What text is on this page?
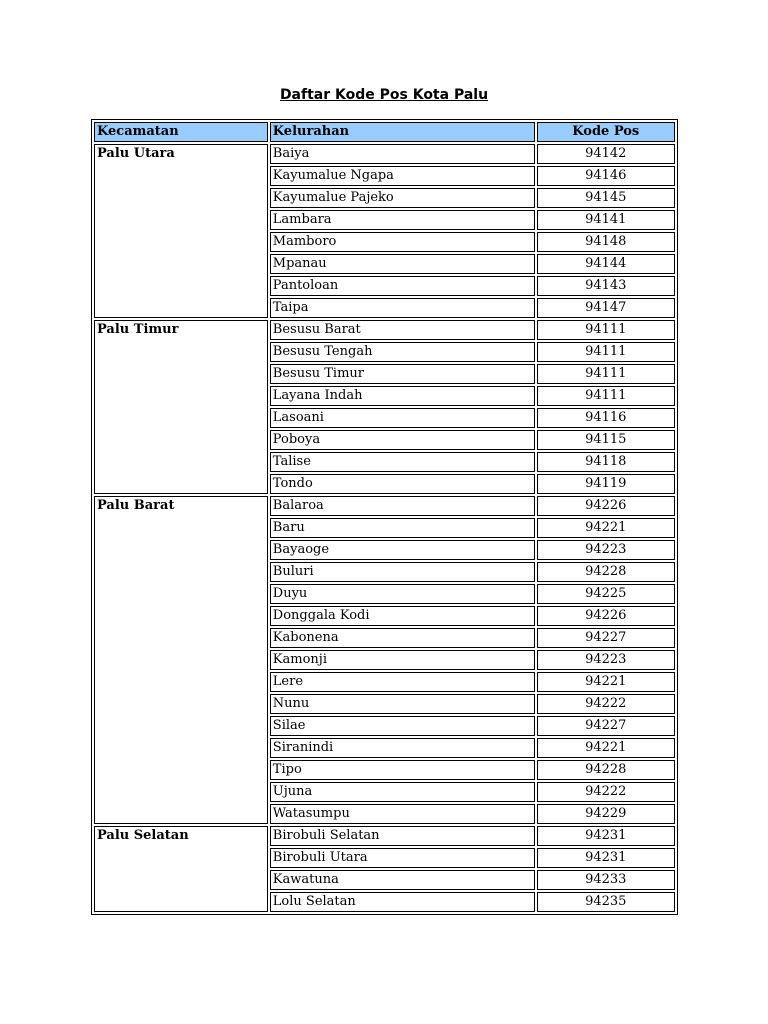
Daftar Kode Pos Kota Palu
Kecamatan	Kelurahan	Kode Pos
Palu Utara	Baiya	94142
	Kayumalue Ngapa	94146
	Kayumalue Pajeko	94145
	Lambara	94141
	Mamboro	94148
	Mpanau	94144
	Pantoloan	94143
	Taipa	94147
Palu Timur	Besusu Barat	94111
	Besusu Tengah	94111
	Besusu Timur	94111
	Layana Indah	94111
	Lasoani	94116
	Poboya	94115
	Talise	94118
	Tondo	94119
Palu Barat	Balaroa	94226
	Baru	94221
	Bayaoge	94223
	Buluri	94228
	Duyu	94225
	Donggala Kodi	94226
	Kabonena	94227
	Kamonji	94223
	Lere	94221
	Nunu	94222
	Silae	94227
	Siranindi	94221
	Tipo	94228
	Ujuna	94222
	Watasumpu	94229
Palu Selatan	Birobuli Selatan	94231
	Birobuli Utara	94231
	Kawatuna	94233
	Lolu Selatan	94235
